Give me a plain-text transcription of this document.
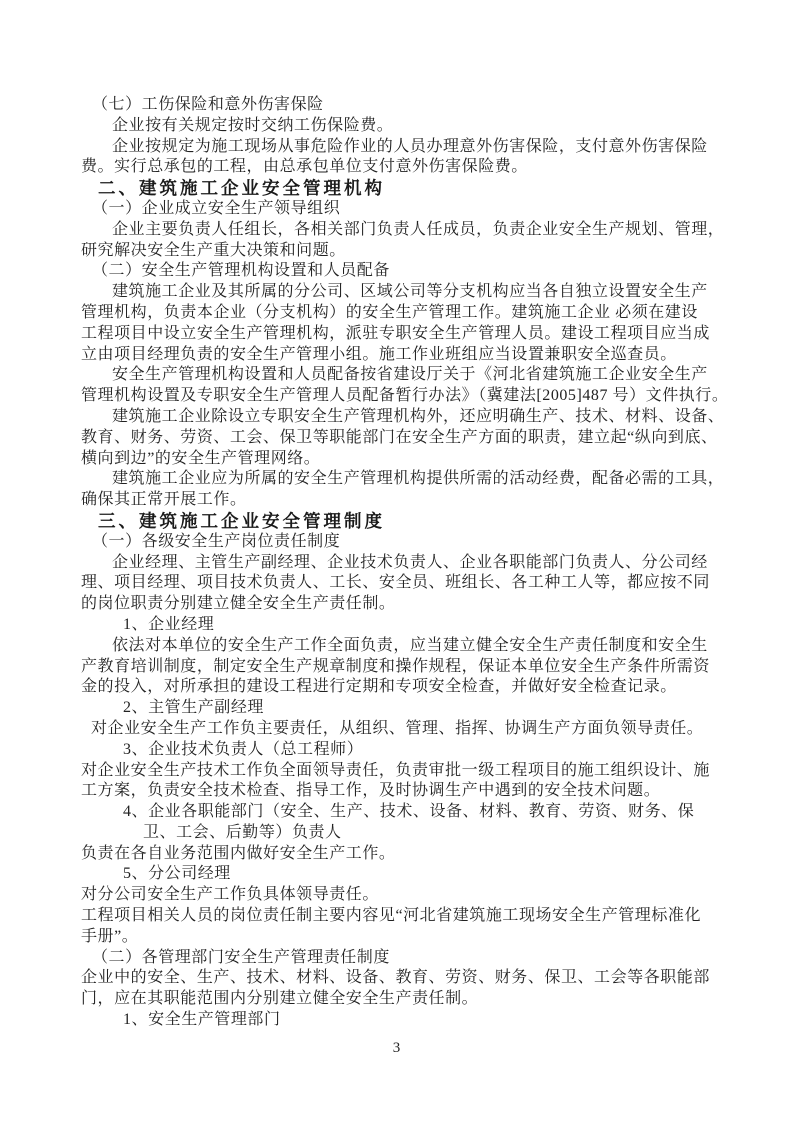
（七）工伤保险和意外伤害保险
企业按有关规定按时交纳工伤保险费。
企业按规定为施工现场从事危险作业的人员办理意外伤害保险，支付意外伤害保险
费。实行总承包的工程，由总承包单位支付意外伤害保险费。
二、建筑施工企业安全管理机构
（一）企业成立安全生产领导组织
企业主要负责人任组长，各相关部门负责人任成员，负责企业安全生产规划、管理，
研究解决安全生产重大决策和问题。
（二）安全生产管理机构设置和人员配备
建筑施工企业及其所属的分公司、区域公司等分支机构应当各自独立设置安全生产
管理机构，负责本企业（分支机构）的安全生产管理工作。建筑施工企业 必须在建设
工程项目中设立安全生产管理机构，派驻专职安全生产管理人员。建设工程项目应当成
立由项目经理负责的安全生产管理小组。施工作业班组应当设置兼职安全巡查员。
安全生产管理机构设置和人员配备按省建设厅关于《河北省建筑施工企业安全生产
管理机构设置及专职安全生产管理人员配备暂行办法》（冀建法[2005]487 号）文件执行。
建筑施工企业除设立专职安全生产管理机构外，还应明确生产、技术、材料、设备、
教育、财务、劳资、工会、保卫等职能部门在安全生产方面的职责，建立起“纵向到底、
横向到边”的安全生产管理网络。
建筑施工企业应为所属的安全生产管理机构提供所需的活动经费，配备必需的工具，
确保其正常开展工作。
三、建筑施工企业安全管理制度
（一）各级安全生产岗位责任制度
企业经理、主管生产副经理、企业技术负责人、企业各职能部门负责人、分公司经
理、项目经理、项目技术负责人、工长、安全员、班组长、各工种工人等，都应按不同
的岗位职责分别建立健全安全生产责任制。
1、企业经理
依法对本单位的安全生产工作全面负责，应当建立健全安全生产责任制度和安全生
产教育培训制度，制定安全生产规章制度和操作规程，保证本单位安全生产条件所需资
金的投入，对所承担的建设工程进行定期和专项安全检查，并做好安全检查记录。
2、主管生产副经理
对企业安全生产工作负主要责任，从组织、管理、指挥、协调生产方面负领导责任。
3、企业技术负责人（总工程师）
对企业安全生产技术工作负全面领导责任，负责审批一级工程项目的施工组织设计、施
工方案，负责安全技术检查、指导工作，及时协调生产中遇到的安全技术问题。
4、企业各职能部门（安全、生产、技术、设备、材料、教育、劳资、财务、保
卫、工会、后勤等）负责人
负责在各自业务范围内做好安全生产工作。
5、分公司经理
对分公司安全生产工作负具体领导责任。
工程项目相关人员的岗位责任制主要内容见“河北省建筑施工现场安全生产管理标准化
手册”。
（二）各管理部门安全生产管理责任制度
企业中的安全、生产、技术、材料、设备、教育、劳资、财务、保卫、工会等各职能部
门，应在其职能范围内分别建立健全安全生产责任制。
1、安全生产管理部门
3
